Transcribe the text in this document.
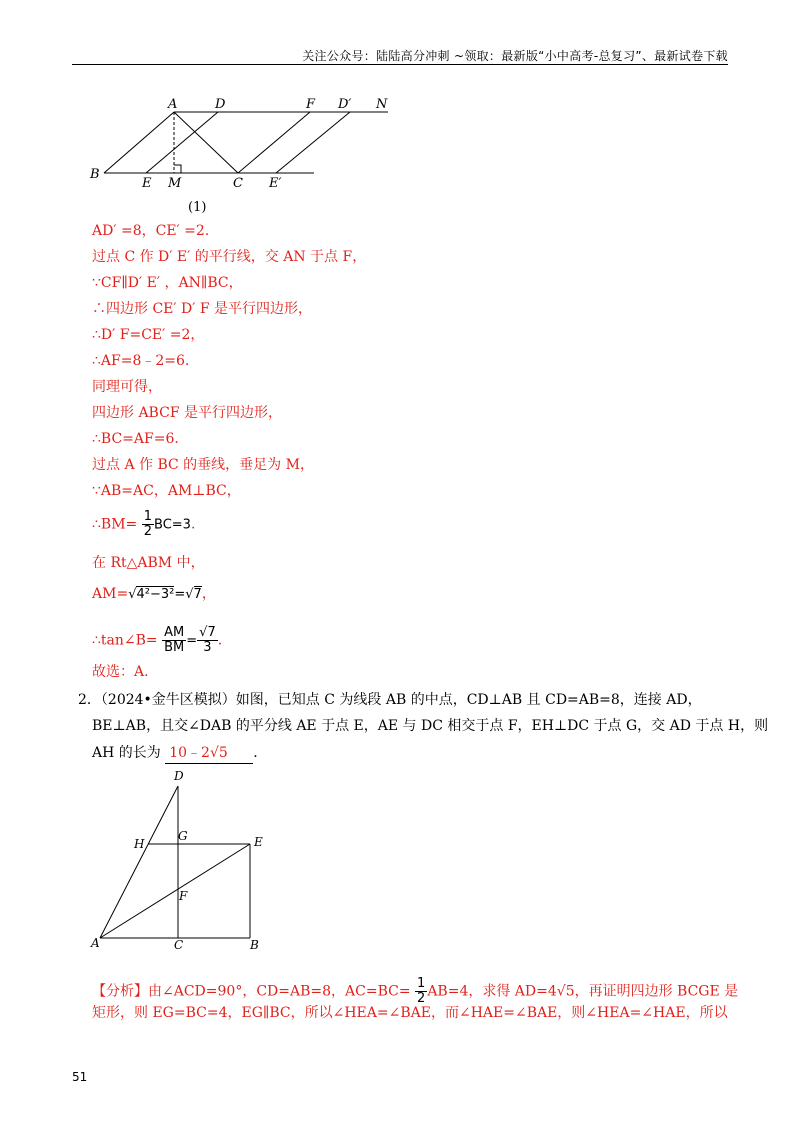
关注公众号：陆陆高分冲刺 ~领取：最新版“小中高考-总复习”、最新试卷下载
A	D	F D′ N
B
E M	C E′
(1)
AD′ =8，CE′ =2.
过点 C 作 D′ E′ 的平行线，交 AN 于点 F，
∵CF∥D′ E′ ，AN∥BC，
∴四边形 CE′ D′ F 是平行四边形，
∴D′ F=CE′ =2，
∴AF=8﹣2=6.
同理可得，
四边形 ABCF 是平行四边形，
∴BC=AF=6.
过点 A 作 BC 的垂线，垂足为 M，
∵AB=AC，AM⊥BC，
∴BM= $\frac{1}{2} BC=3$.
在 Rt△ABM 中，
AM=√4²−3²=√7，
∴tan∠B= $\frac{AM}{BM} = \frac{√7}{3}$ .
故选：A.
2．（2024•金牛区模拟）如图，已知点 C 为线段 AB 的中点，CD⊥AB 且 CD=AB=8，连接 AD，
BE⊥AB，且交∠DAB 的平分线 AE 于点 E，AE 与 DC 相交于点 F，EH⊥DC 于点 G，交 AD 于点 H，则
AH 的长为 10﹣2√5 .
D
H
G	E
F
A	C	B
【分析】由∠ACD=90°，CD=AB=8，$AC=BC= \frac{1}{2} AB=4$，求得 AD=4√5，再证明四边形 BCGE 是
矩形，则 EG=BC=4，EG∥BC，所以∠HEA=∠BAE，而∠HAE=∠BAE，则∠HEA=∠HAE，所以
51
